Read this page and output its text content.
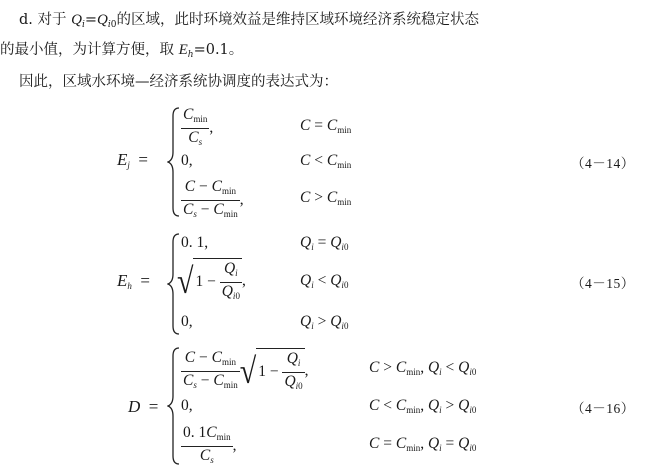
d. 对于 $Q_i=Q_{i0}$的区域，此时环境效益是维持区域环境经济系统稳定状态
的最小值，为计算方便，取 $E_h=0.1$。
因此，区域水环境—经济系统协调度的表达式为：
Ej  =
$\frac{Cmin}{Cs}$ ,	C = Cmin
0,	C < Cmin
$\frac{C - Cmin}{Cs - Cmin}$ ,	C > Cmin
（4－14）
Eh  =
0. 1,	Qi = Qi0
√ $1 - \frac{Qi}{Qi0}$ ,	Qi < Qi0
0,	Qi > Qi0
（4－15）
D  =
$\frac{C - Cmin}{Cs - Cmin}$ √ $1 - \frac{Qi}{Qi0}$ ,	C > Cmin, Qi < Qi0
0,	C < Cmin, Qi > Qi0
$\frac{0. 1Cmin}{Cs}$ ,	C = Cmin, Qi = Qi0
（4－16）
